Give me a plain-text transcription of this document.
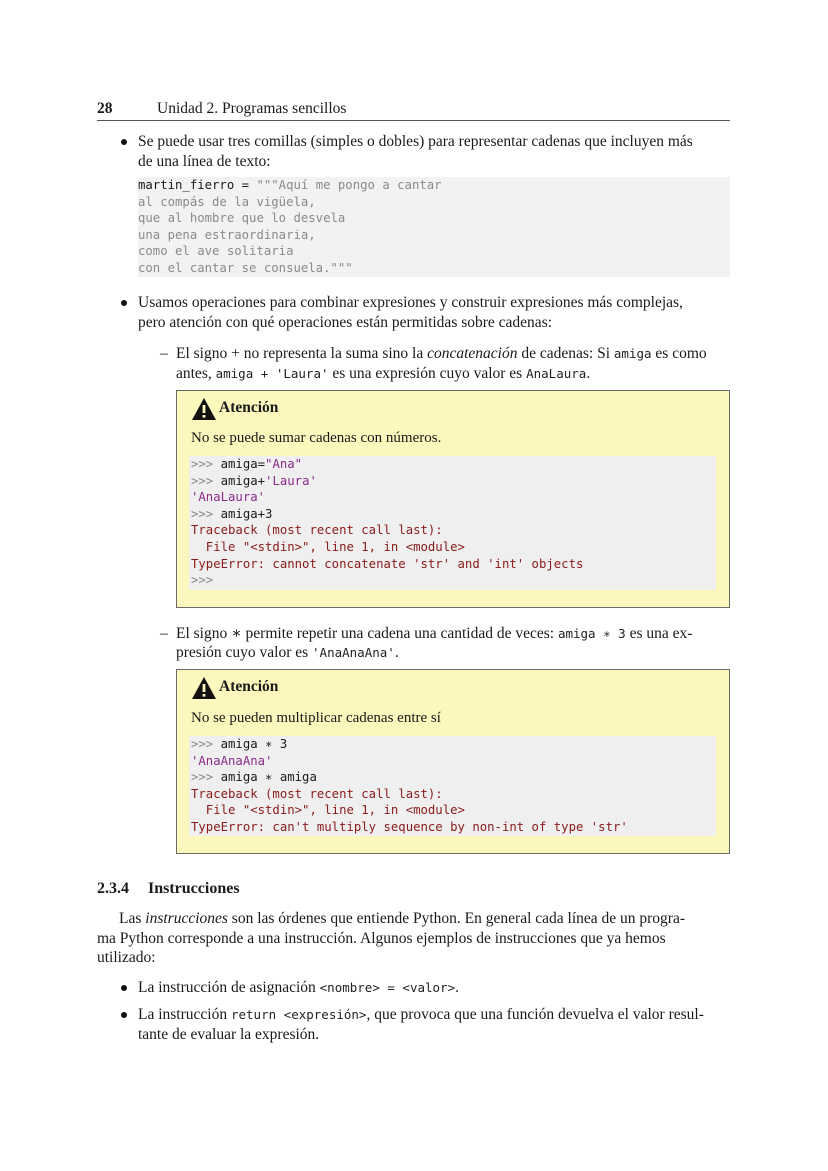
28	Unidad 2. Programas sencillos
Se puede usar tres comillas (simples o dobles) para representar cadenas que incluyen más
de una línea de texto:
martin_fierro = """Aquí me pongo a cantar
al compás de la vigüela,
que al hombre que lo desvela
una pena estraordinaria,
como el ave solitaria
con el cantar se consuela."""
Usamos operaciones para combinar expresiones y construir expresiones más complejas,
pero atención con qué operaciones están permitidas sobre cadenas:
– El signo + no representa la suma sino la concatenación de cadenas: Si amiga es como
antes, amiga + 'Laura' es una expresión cuyo valor es AnaLaura.
Atención
No se puede sumar cadenas con números.
>>> amiga="Ana"
>>> amiga+'Laura'
'AnaLaura'
>>> amiga+3
Traceback (most recent call last):
File "<stdin>", line 1, in <module>
TypeError: cannot concatenate 'str' and 'int' objects
>>>
– El signo ∗ permite repetir una cadena una cantidad de veces: amiga ∗ 3 es una ex-
presión cuyo valor es 'AnaAnaAna'.
Atención
No se pueden multiplicar cadenas entre sí
>>> amiga ∗ 3
'AnaAnaAna'
>>> amiga ∗ amiga
Traceback (most recent call last):
File "<stdin>", line 1, in <module>
TypeError: can't multiply sequence by non-int of type 'str'
2.3.4 Instrucciones
Las instrucciones son las órdenes que entiende Python. En general cada línea de un progra-
ma Python corresponde a una instrucción. Algunos ejemplos de instrucciones que ya hemos
utilizado:
La instrucción de asignación <nombre> = <valor>.
La instrucción return <expresión>, que provoca que una función devuelva el valor resul-
tante de evaluar la expresión.
